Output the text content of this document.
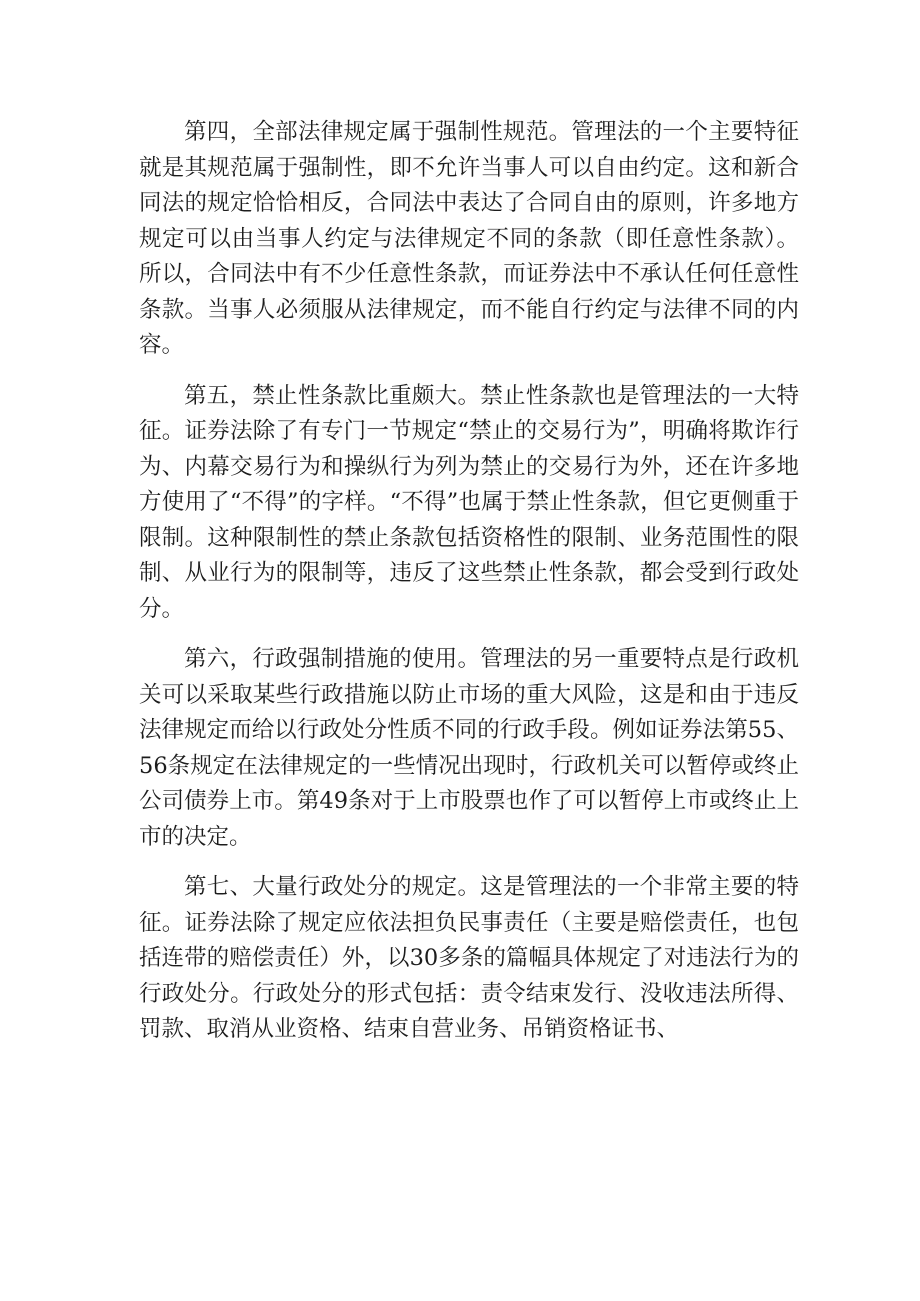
第四，全部法律规定属于强制性规范。管理法的一个主要特征就是其规范属于强制性，即不允许当事人可以自由约定。这和新合同法的规定恰恰相反，合同法中表达了合同自由的原则，许多地方规定可以由当事人约定与法律规定不同的条款（即任意性条款）。所以，合同法中有不少任意性条款，而证券法中不承认任何任意性条款。当事人必须服从法律规定，而不能自行约定与法律不同的内容。

第五，禁止性条款比重颇大。禁止性条款也是管理法的一大特征。证券法除了有专门一节规定“禁止的交易行为”，明确将欺诈行为、内幕交易行为和操纵行为列为禁止的交易行为外，还在许多地方使用了“不得”的字样。“不得”也属于禁止性条款，但它更侧重于限制。这种限制性的禁止条款包括资格性的限制、业务范围性的限制、从业行为的限制等，违反了这些禁止性条款，都会受到行政处分。

第六，行政强制措施的使用。管理法的另一重要特点是行政机关可以采取某些行政措施以防止市场的重大风险，这是和由于违反法律规定而给以行政处分性质不同的行政手段。例如证券法第55、56条规定在法律规定的一些情况出现时，行政机关可以暂停或终止公司债券上市。第49条对于上市股票也作了可以暂停上市或终止上市的决定。

第七、大量行政处分的规定。这是管理法的一个非常主要的特征。证券法除了规定应依法担负民事责任（主要是赔偿责任，也包括连带的赔偿责任）外，以30多条的篇幅具体规定了对违法行为的行政处分。行政处分的形式包括：责令结束发行、没收违法所得、罚款、取消从业资格、结束自营业务、吊销资格证书、
